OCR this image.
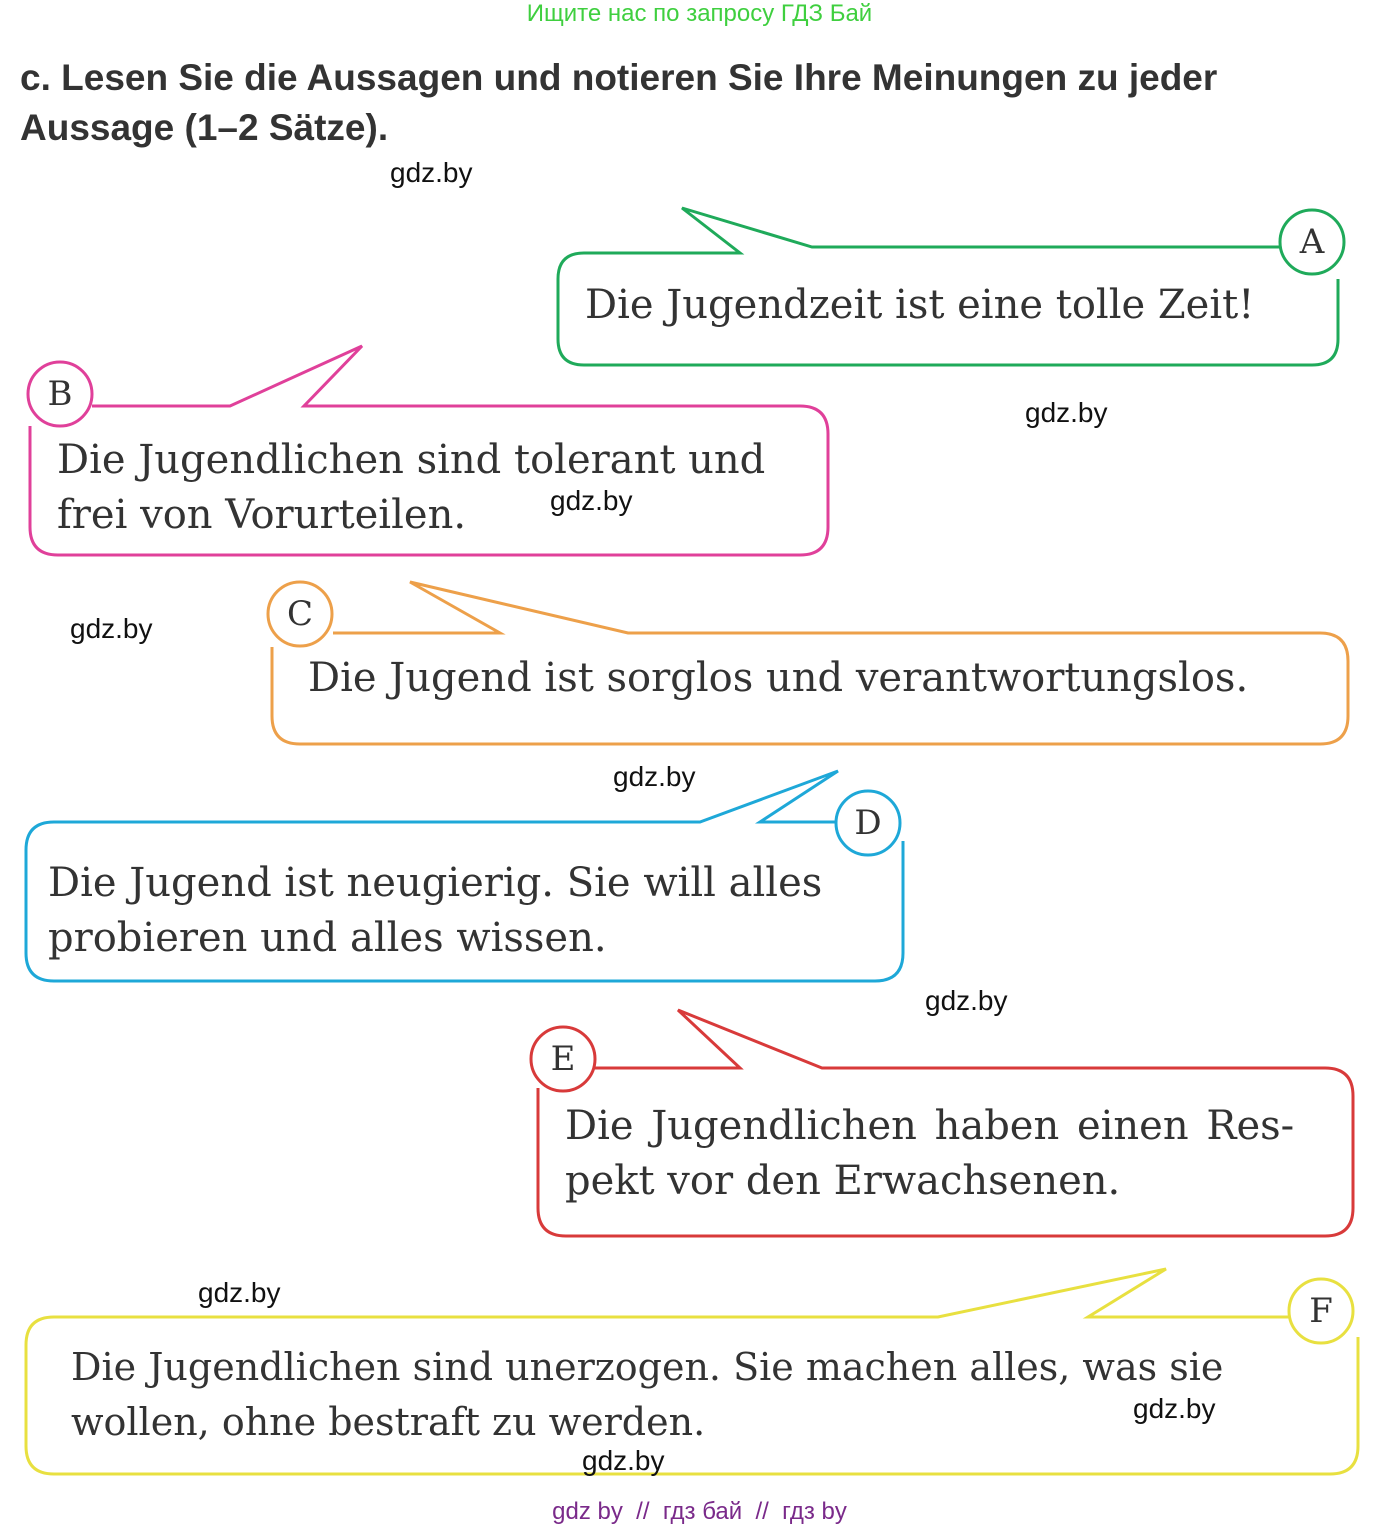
Ищите нас по запросу ГДЗ Бай
c. Lesen Sie die Aussagen und notieren Sie Ihre Meinungen zu jeder Aussage (1–2 Sätze).
A
B
C
D
E
F
Die Jugendzeit ist eine tolle Zeit!
Die Jugendlichen sind tolerant und
frei von Vorurteilen.
Die Jugend ist sorglos und verantwortungslos.
Die Jugend ist neugierig. Sie will alles
probieren und alles wissen.
Die Jugendlichen haben einen Res-
pekt vor den Erwachsenen.
Die Jugendlichen sind unerzogen. Sie machen alles, was sie
wollen, ohne bestraft zu werden.
gdz.by
gdz.by
gdz.by
gdz.by
gdz.by
gdz.by
gdz.by
gdz.by
gdz.by
gdz by  //  гдз бай  //  гдз by
